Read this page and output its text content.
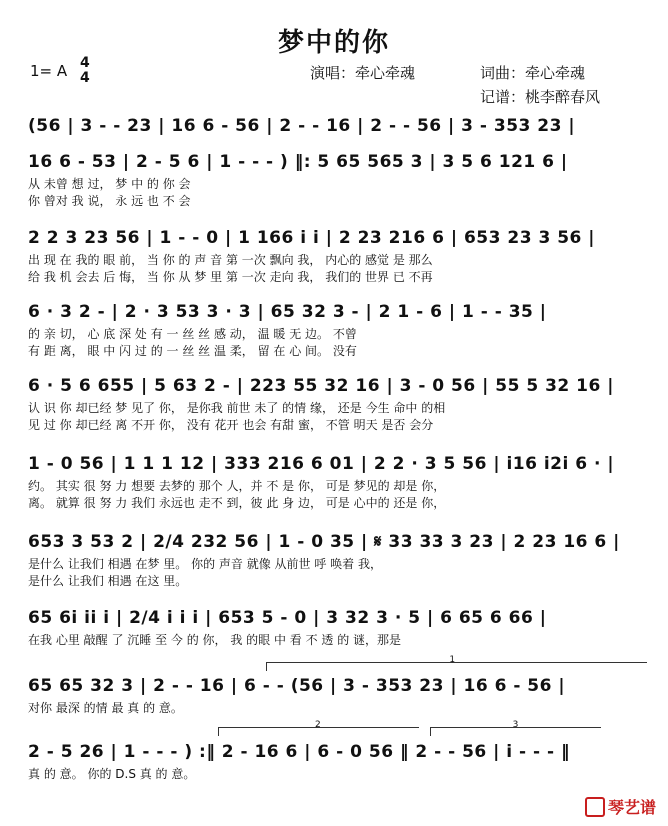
梦中的你
1= A 4
4	演唱：牵心牵魂	词曲：牵心牵魂
记谱：桃李醉春风
(56 | 3 - - 23 | 16 6 - 56 | 2 - - 16 | 2 - - 56 | 3 - 353 23 |
16 6 - 53 | 2 - 5 6 | 1 - - - ) ‖: 5 65 565 3 | 3 5 6 121 6 |
从 未曾 想 过， 梦 中 的 你 会
你 曾对 我 说， 永 远 也 不 会
2 2 3 23 56 | 1 - - 0 | 1 166 i i | 2 23 216 6 | 653 23 3 56 |
出 现 在 我的 眼 前， 当 你 的 声 音 第 一次 飘向 我， 内心的 感觉 是 那么
给 我 机 会去 后 悔， 当 你 从 梦 里 第 一次 走向 我， 我们的 世界 已 不再
6 · 3 2 - | 2 · 3 53 3 · 3 | 65 32 3 - | 2 1 - 6 | 1 - - 35 |
的 亲 切， 心 底 深 处 有 一 丝 丝 感 动， 温 暖 无 边。 不曾
有 距 离， 眼 中 闪 过 的 一 丝 丝 温 柔， 留 在 心 间。 没有
6 · 5 6 655 | 5 63 2 - | 223 55 32 16 | 3 - 0 56 | 55 5 32 16 |
认 识 你 却已经 梦 见了 你， 是你我 前世 未了 的情 缘， 还是 今生 命中 的相
见 过 你 却已经 离 不开 你， 没有 花开 也会 有甜 蜜， 不管 明天 是否 会分
1 - 0 56 | 1 1 1 12 | 333 216 6 01 | 2 2 · 3 5 56 | i16 i2i 6 · |
约。 其实 很 努 力 想要 去梦的 那个 人，并 不 是 你， 可是 梦见的 却是 你，
离。 就算 很 努 力 我们 永远也 走不 到，彼 此 身 边， 可是 心中的 还是 你，
653 3 53 2 | 2/4 232 56 | 1 - 0 35 | 𝄋 33 33 3 23 | 2 23 16 6 |
是什么 让我们 相遇 在梦 里。 你的 声音 就像 从前世 呼 唤着 我，
是什么 让我们 相遇 在这 里。
65 6i ii i | 2/4 i i i | 653 5 - 0 | 3 32 3 · 5 | 6 65 6 66 |
在我 心里 敲醒 了 沉睡 至 今 的 你， 我 的眼 中 看 不 透 的 谜，那是
65 65 32 3 | 2 - - 16 | 6 - - (56 | 3 - 353 23 | 16 6 - 56 |
对你 最深 的情 最 真 的 意。
2 - 5 26 | 1 - - - ) :‖ 2 - 16 6 | 6 - 0 56 ‖ 2 - - 56 | i - - - ‖
真 的 意。 你的 D.S 真 的 意。
1
2	3
琴艺谱
